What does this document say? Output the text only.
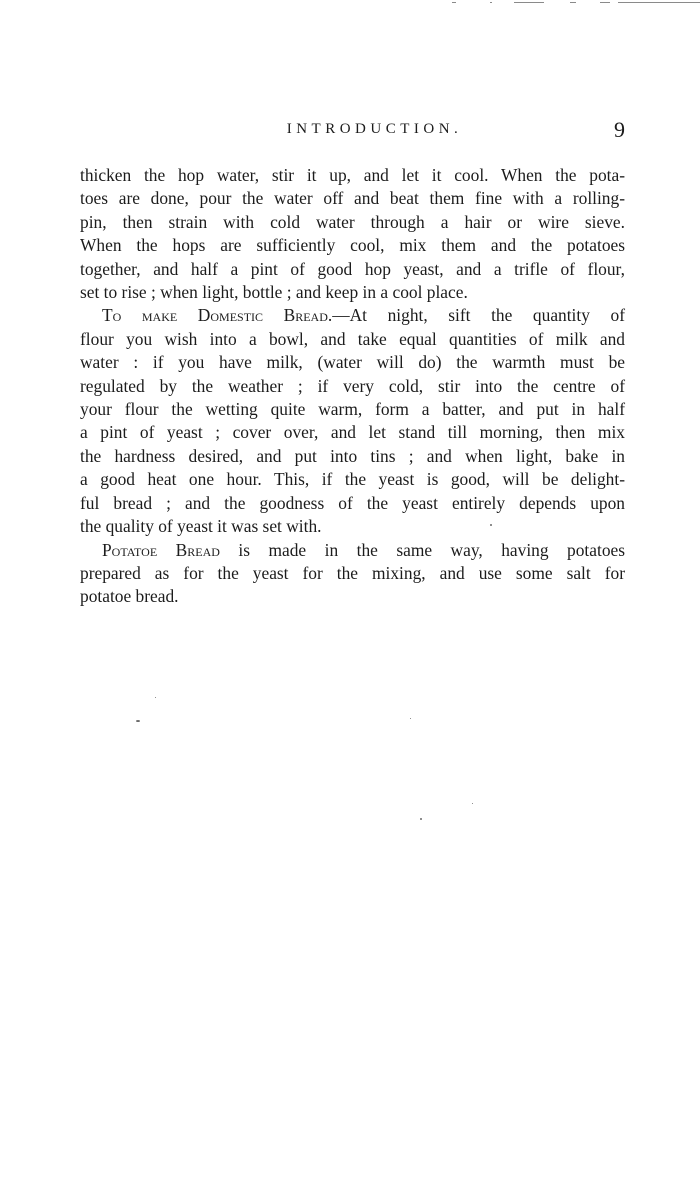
INTRODUCTION.	9
thicken the hop water, stir it up, and let it cool. When the pota-
toes are done, pour the water off and beat them fine with a rolling-
pin, then strain with cold water through a hair or wire sieve.
When the hops are sufficiently cool, mix them and the potatoes
together, and half a pint of good hop yeast, and a trifle of flour,
set to rise ; when light, bottle ; and keep in a cool place.
To make Domestic Bread.—At night, sift the quantity of
flour you wish into a bowl, and take equal quantities of milk and
water : if you have milk, (water will do) the warmth must be
regulated by the weather ; if very cold, stir into the centre of
your flour the wetting quite warm, form a batter, and put in half
a pint of yeast ; cover over, and let stand till morning, then mix
the hardness desired, and put into tins ; and when light, bake in
a good heat one hour. This, if the yeast is good, will be delight-
ful bread ; and the goodness of the yeast entirely depends upon
the quality of yeast it was set with.
Potatoe Bread is made in the same way, having potatoes
prepared as for the yeast for the mixing, and use some salt for
potatoe bread.
